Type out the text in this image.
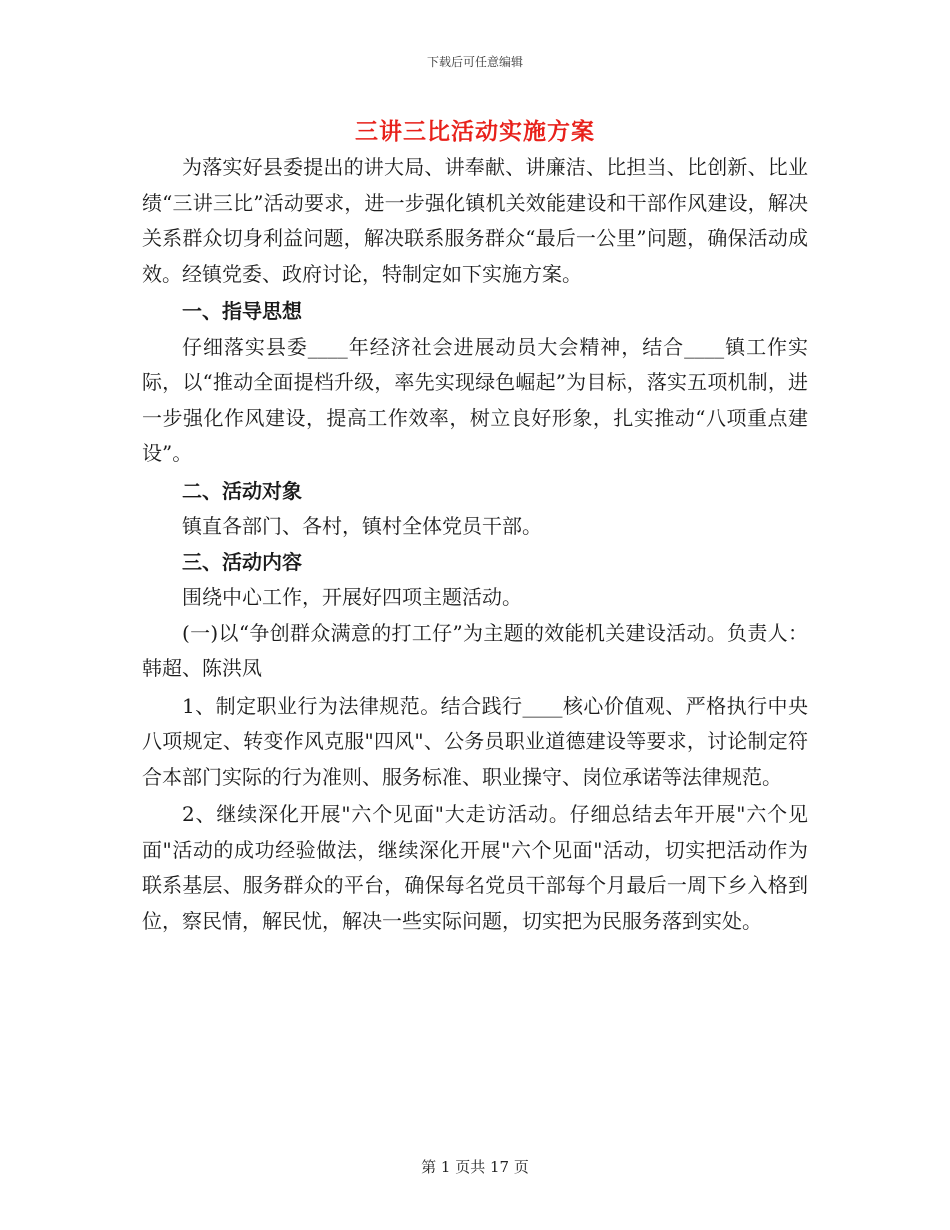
下载后可任意编辑
三讲三比活动实施方案

为落实好县委提出的讲大局、讲奉献、讲廉洁、比担当、比创新、比业绩“三讲三比”活动要求，进一步强化镇机关效能建设和干部作风建设，解决关系群众切身利益问题，解决联系服务群众“最后一公里”问题，确保活动成效。经镇党委、政府讨论，特制定如下实施方案。

一、指导思想

仔细落实县委____年经济社会进展动员大会精神，结合____镇工作实际，以“推动全面提档升级，率先实现绿色崛起”为目标，落实五项机制，进一步强化作风建设，提高工作效率，树立良好形象，扎实推动“八项重点建设”。

二、活动对象

镇直各部门、各村，镇村全体党员干部。

三、活动内容

围绕中心工作，开展好四项主题活动。

(一)以“争创群众满意的打工仔”为主题的效能机关建设活动。负责人：韩超、陈洪凤

1、制定职业行为法律规范。结合践行____核心价值观、严格执行中央八项规定、转变作风克服"四风"、公务员职业道德建设等要求，讨论制定符合本部门实际的行为准则、服务标准、职业操守、岗位承诺等法律规范。

2、继续深化开展"六个见面"大走访活动。仔细总结去年开展"六个见面"活动的成功经验做法，继续深化开展"六个见面"活动，切实把活动作为联系基层、服务群众的平台，确保每名党员干部每个月最后一周下乡入格到位，察民情，解民忧，解决一些实际问题，切实把为民服务落到实处。

第 1 页共 17 页
